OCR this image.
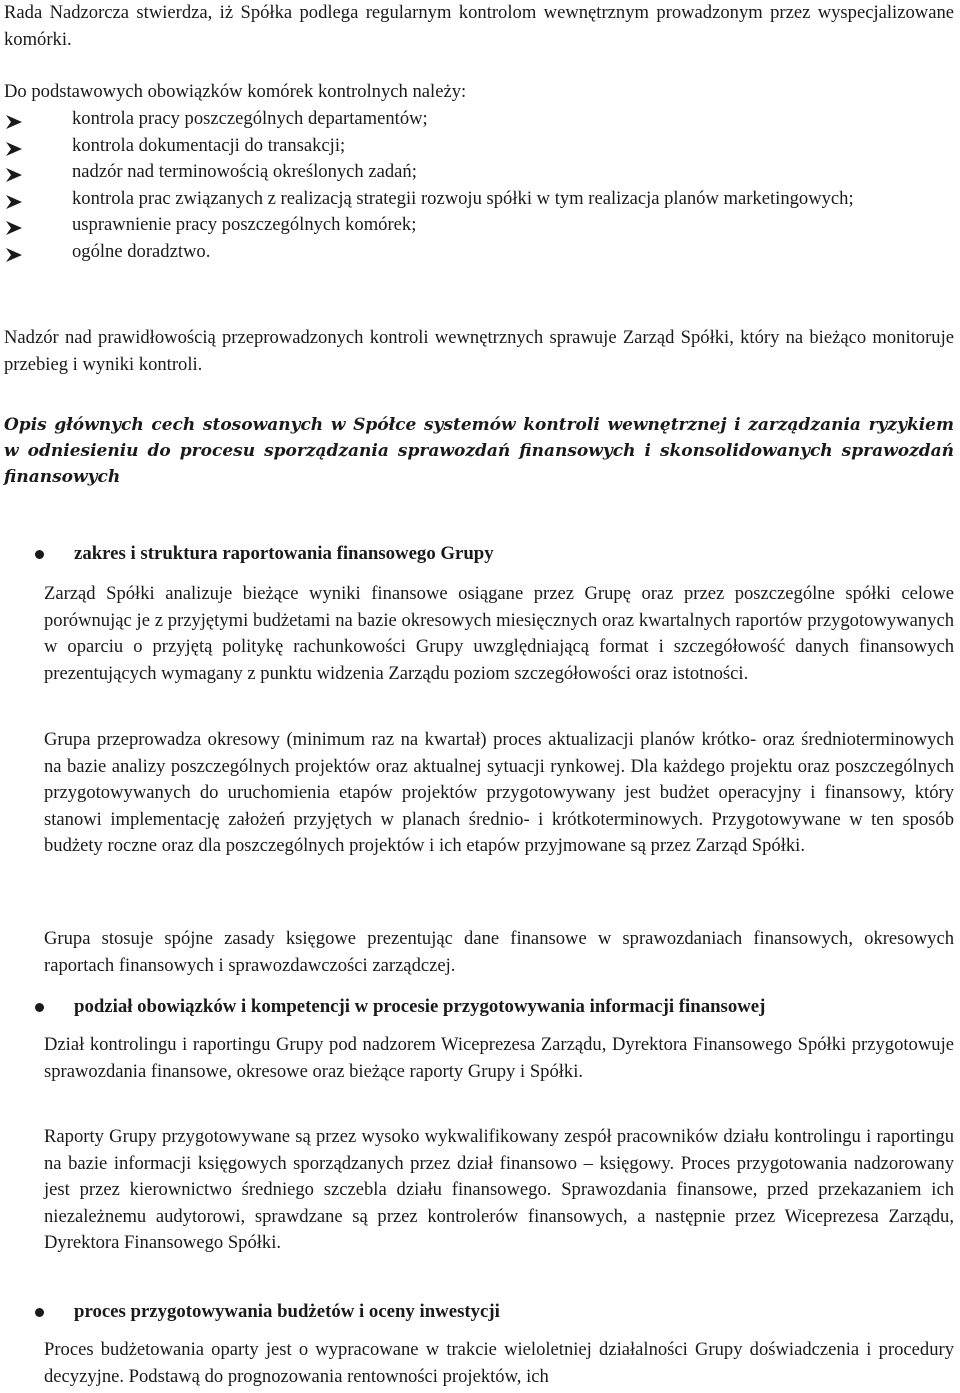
Rada Nadzorcza stwierdza, iż Spółka podlega regularnym kontrolom wewnętrznym prowadzonym przez wyspecjalizowane komórki.

Do podstawowych obowiązków komórek kontrolnych należy:

kontrola pracy poszczególnych departamentów;
kontrola dokumentacji do transakcji;
nadzór nad terminowością określonych zadań;
kontrola prac związanych z realizacją strategii rozwoju spółki w tym realizacja planów marketingowych;
usprawnienie pracy poszczególnych komórek;
ogólne doradztwo.

Nadzór nad prawidłowością przeprowadzonych kontroli wewnętrznych sprawuje Zarząd Spółki, który na bieżąco monitoruje przebieg i wyniki kontroli.

Opis głównych cech stosowanych w Spółce systemów kontroli wewnętrznej i zarządzania ryzykiem w odniesieniu do procesu sporządzania sprawozdań finansowych i skonsolidowanych sprawozdań finansowych

zakres i struktura raportowania finansowego Grupy

Zarząd Spółki analizuje bieżące wyniki finansowe osiągane przez Grupę oraz przez poszczególne spółki celowe porównując je z przyjętymi budżetami na bazie okresowych miesięcznych oraz kwartalnych raportów przygotowywanych w oparciu o przyjętą politykę rachunkowości Grupy uwzględniającą format i szczegółowość danych finansowych prezentujących wymagany z punktu widzenia Zarządu poziom szczegółowości oraz istotności.

Grupa przeprowadza okresowy (minimum raz na kwartał) proces aktualizacji planów krótko- oraz średnioterminowych na bazie analizy poszczególnych projektów oraz aktualnej sytuacji rynkowej. Dla każdego projektu oraz poszczególnych przygotowywanych do uruchomienia etapów projektów przygotowywany jest budżet operacyjny i finansowy, który stanowi implementację założeń przyjętych w planach średnio- i krótkoterminowych. Przygotowywane w ten sposób budżety roczne oraz dla poszczególnych projektów i ich etapów przyjmowane są przez Zarząd Spółki.

Grupa stosuje spójne zasady księgowe prezentując dane finansowe w sprawozdaniach finansowych, okresowych raportach finansowych i sprawozdawczości zarządczej.

podział obowiązków i kompetencji w procesie przygotowywania informacji finansowej

Dział kontrolingu i raportingu Grupy pod nadzorem Wiceprezesa Zarządu, Dyrektora Finansowego Spółki przygotowuje sprawozdania finansowe, okresowe oraz bieżące raporty Grupy i Spółki.

Raporty Grupy przygotowywane są przez wysoko wykwalifikowany zespół pracowników działu kontrolingu i raportingu na bazie informacji księgowych sporządzanych przez dział finansowo – księgowy. Proces przygotowania nadzorowany jest przez kierownictwo średniego szczebla działu finansowego. Sprawozdania finansowe, przed przekazaniem ich niezależnemu audytorowi, sprawdzane są przez kontrolerów finansowych, a następnie przez Wiceprezesa Zarządu, Dyrektora Finansowego Spółki.

proces przygotowywania budżetów i oceny inwestycji

Proces budżetowania oparty jest o wypracowane w trakcie wieloletniej działalności Grupy doświadczenia i procedury decyzyjne. Podstawą do prognozowania rentowności projektów, ich
